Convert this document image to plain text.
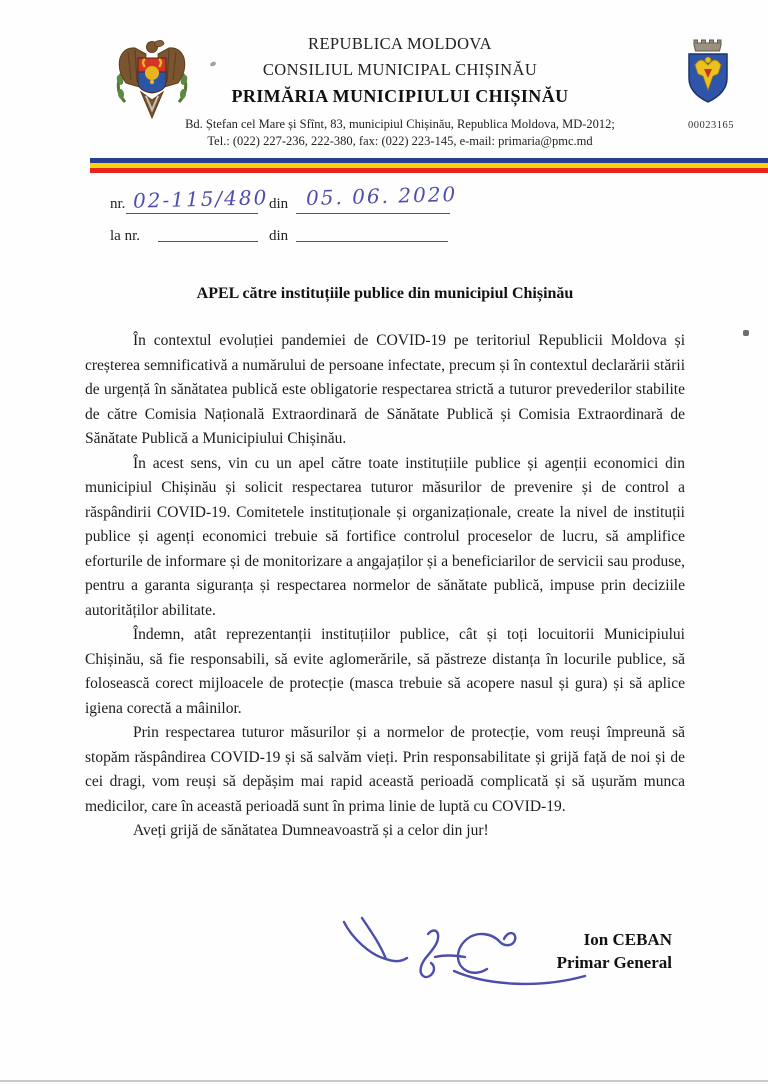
REPUBLICA MOLDOVA
CONSILIUL MUNICIPAL CHIȘINĂU
PRIMĂRIA MUNICIPIULUI CHIȘINĂU

Bd. Ștefan cel Mare și Sfînt, 83, municipiul Chișinău, Republica Moldova, MD-2012;

Tel.: (022) 227-236, 222-380, fax: (022) 223-145, e-mail: primaria@pmc.md

00023165
nr. 02-115/480 din 05. 06. 2020
la nr.	din
APEL către instituțiile publice din municipiul Chișinău

În contextul evoluției pandemiei de COVID-19 pe teritoriul Republicii Moldova și creșterea semnificativă a numărului de persoane infectate, precum și în contextul declarării stării de urgență în sănătatea publică este obligatorie respectarea strictă a tuturor prevederilor stabilite de către Comisia Națională Extraordinară de Sănătate Publică și Comisia Extraordinară de Sănătate Publică a Municipiului Chișinău.

În acest sens, vin cu un apel către toate instituțiile publice și agenții economici din municipiul Chișinău și solicit respectarea tuturor măsurilor de prevenire și de control a răspândirii COVID-19. Comitetele instituționale și organizaționale, create la nivel de instituții publice și agenți economici trebuie să fortifice controlul proceselor de lucru, să amplifice eforturile de informare și de monitorizare a angajaților și a beneficiarilor de servicii sau produse, pentru a garanta siguranța și respectarea normelor de sănătate publică, impuse prin deciziile autorităților abilitate.

Îndemn, atât reprezentanții instituțiilor publice, cât și toți locuitorii Municipiului Chișinău, să fie responsabili, să evite aglomerările, să păstreze distanța în locurile publice, să folosească corect mijloacele de protecție (masca trebuie să acopere nasul și gura) și să aplice igiena corectă a mâinilor.

Prin respectarea tuturor măsurilor și a normelor de protecție, vom reuși împreună să stopăm răspândirea COVID-19 și să salvăm vieți. Prin responsabilitate și grijă față de noi și de cei dragi, vom reuși să depășim mai rapid această perioadă complicată și să ușurăm munca medicilor, care în această perioadă sunt în prima linie de luptă cu COVID-19.

Aveți grijă de sănătatea Dumneavoastră și a celor din jur!

Ion CEBAN
Primar General
